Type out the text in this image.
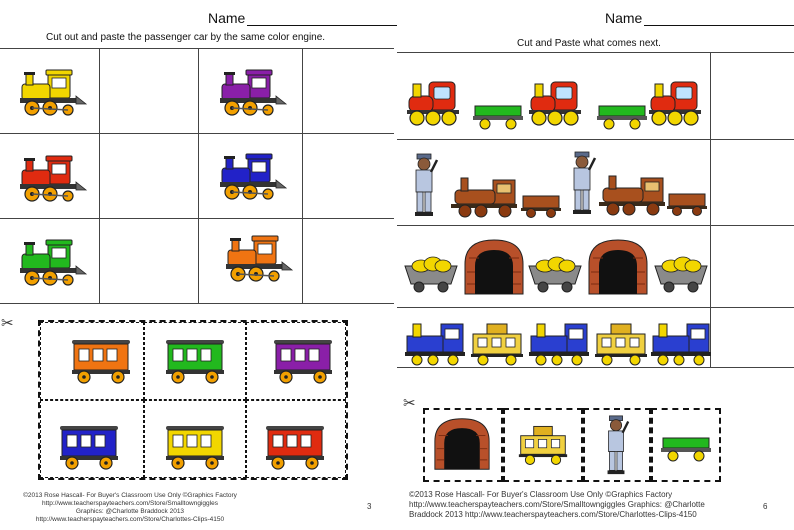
Name
Cut out and paste the passenger car by the same color engine.
✂
©2013 Rose Hascall- For Buyer's Classroom Use Only ©Graphics Factory
http://www.teacherspayteachers.com/Store/Smalltowngiggles
Graphics: @Charlotte Braddock 2013
http://www.teacherspayteachers.com/Store/Charlottes-Clips-4150
3
Name
Cut and Paste what comes next.
✂
©2013 Rose Hascall- For Buyer's Classroom Use Only ©Graphics Factory
http://www.teacherspayteachers.com/Store/Smalltowngiggles Graphics: @Charlotte
Braddock 2013 http://www.teacherspayteachers.com/Store/Charlottes-Clips-4150
6
